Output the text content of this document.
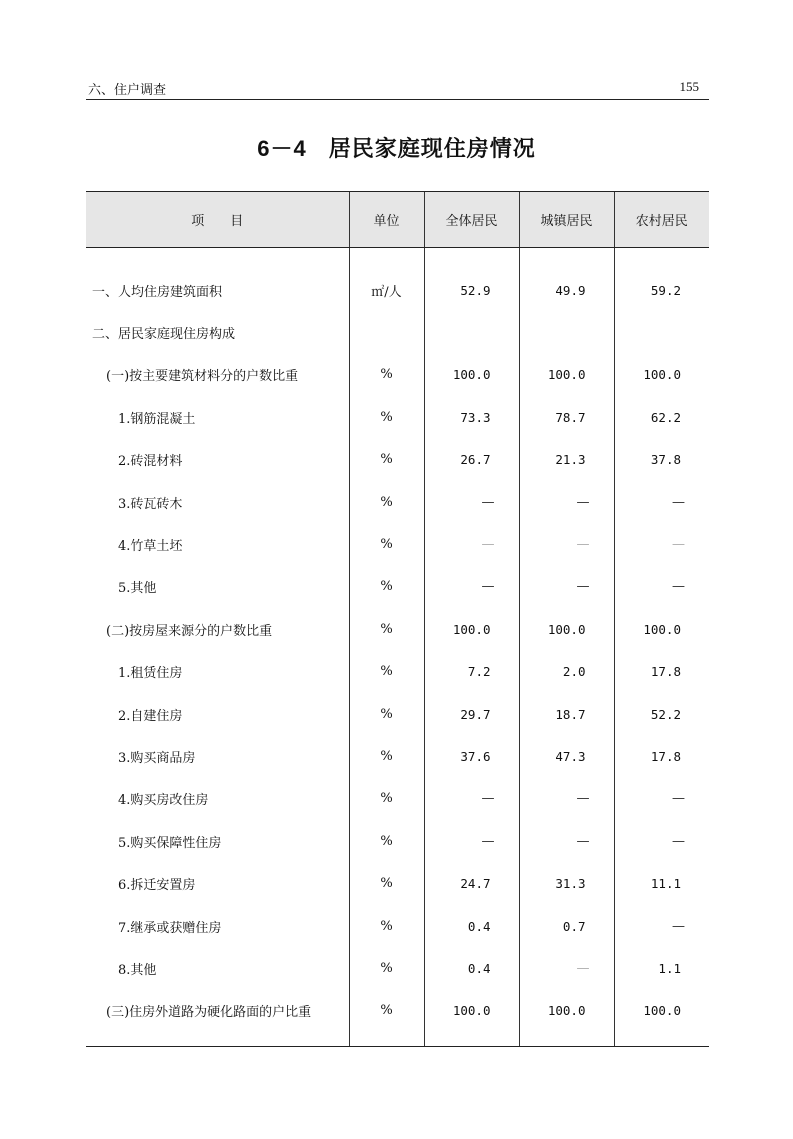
六、住户调查	155
6－4 居民家庭现住房情况
项　　目	单位	全体居民	城镇居民	农村居民

一、人均住房建筑面积	㎡/人	52.9	49.9	59.2
二、居民家庭现住房构成				
(一)按主要建筑材料分的户数比重	%	100.0	100.0	100.0
1.钢筋混凝土	%	73.3	78.7	62.2
2.砖混材料	%	26.7	21.3	37.8
3.砖瓦砖木	%	—	—	—
4.竹草土坯	%	—	—	—
5.其他	%	—	—	—
(二)按房屋来源分的户数比重	%	100.0	100.0	100.0
1.租赁住房	%	7.2	2.0	17.8
2.自建住房	%	29.7	18.7	52.2
3.购买商品房	%	37.6	47.3	17.8
4.购买房改住房	%	—	—	—
5.购买保障性住房	%	—	—	—
6.拆迁安置房	%	24.7	31.3	11.1
7.继承或获赠住房	%	0.4	0.7	—
8.其他	%	0.4	—	1.1
(三)住房外道路为硬化路面的户比重	%	100.0	100.0	100.0
